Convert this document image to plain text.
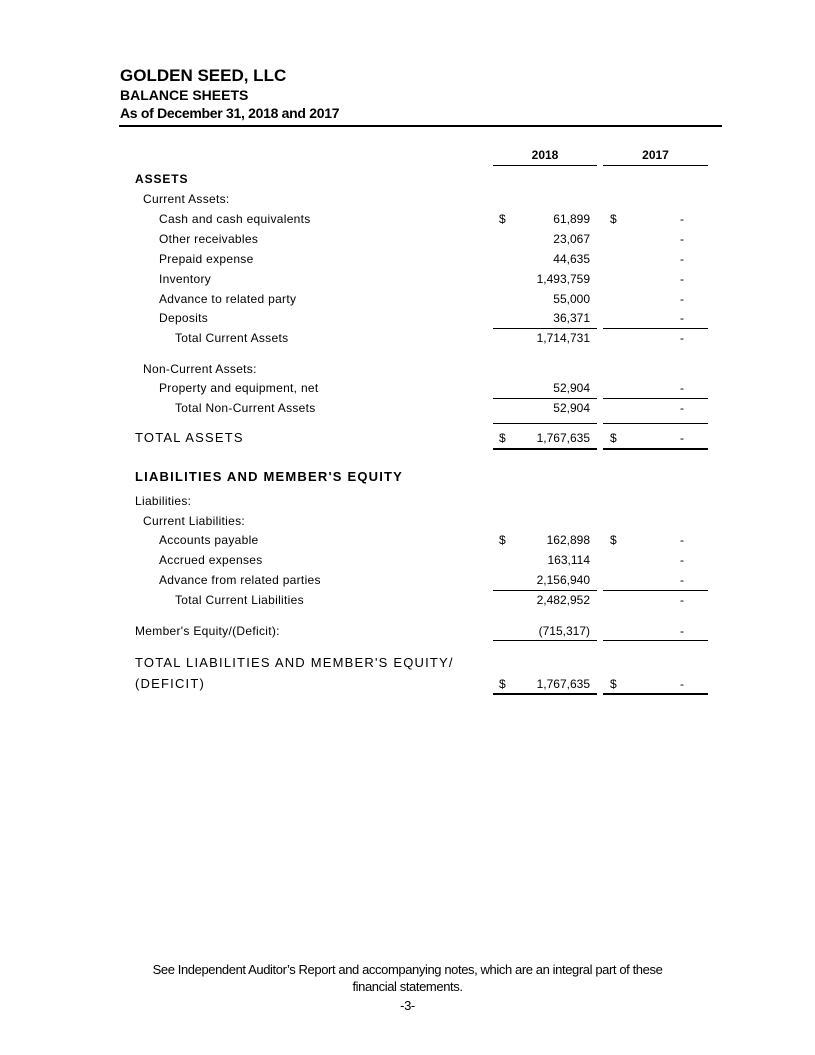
GOLDEN SEED, LLC
BALANCE SHEETS
As of December 31, 2018 and 2017
2018	2017
ASSETS
Current Assets:
Cash and cash equivalents	$	61,899 $	-
Other receivables	23,067	-
Prepaid expense	44,635	-
Inventory	1,493,759	-
Advance to related party	55,000	-
Deposits	36,371	-
Total Current Assets	1,714,731	-
Non-Current Assets:
Property and equipment, net	52,904	-
Total Non-Current Assets	52,904	-
TOTAL ASSETS	$	1,767,635 $	-
LIABILITIES AND MEMBER'S EQUITY
Liabilities:
Current Liabilities:
Accounts payable	$	162,898 $	-
Accrued expenses	163,114	-
Advance from related parties	2,156,940	-
Total Current Liabilities	2,482,952	-
Member's Equity/(Deficit):	(715,317)	-
TOTAL LIABILITIES AND MEMBER'S EQUITY/
(DEFICIT)	$	1,767,635 $	-
See Independent Auditor’s Report and accompanying notes, which are an integral part of these
financial statements.
-3-
